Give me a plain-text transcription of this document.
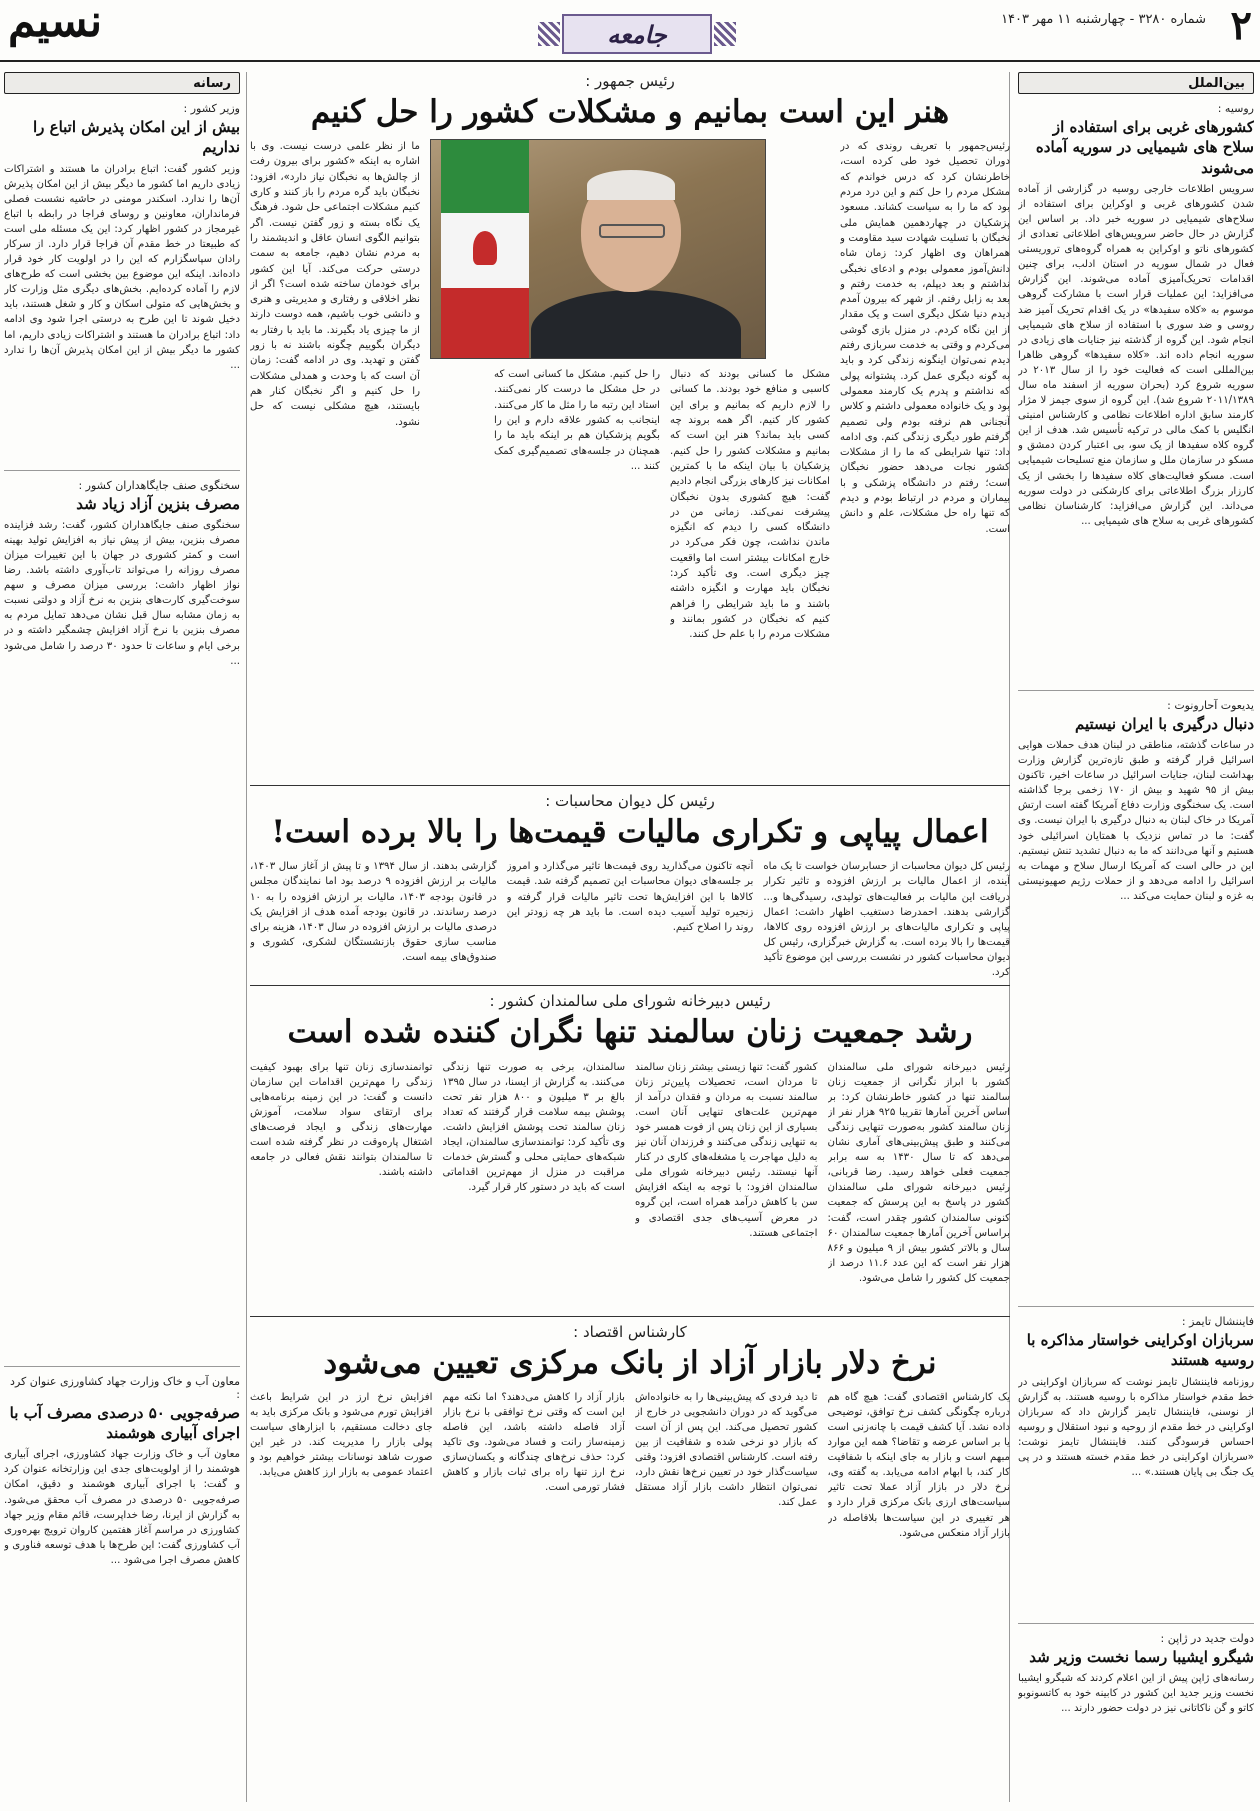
۲
شماره ۳۲۸۰ - چهارشنبه ۱۱ مهر ۱۴۰۳
جامعه
نسیم
بین‌الملل
روسیه :
کشورهای غربی برای استفاده از سلاح های شیمیایی در سوریه آماده می‌شوند
سرویس اطلاعات خارجی روسیه در گزارشی از آماده شدن کشورهای غربی و اوکراین برای استفاده از سلاح‌های شیمیایی در سوریه خبر داد. بر اساس این گزارش در حال حاضر سرویس‌های اطلاعاتی تعدادی از کشورهای ناتو و اوکراین به همراه گروه‌های تروریستی فعال در شمال سوریه در استان ادلب، برای چنین اقدامات تحریک‌آمیزی آماده می‌شوند. این گزارش می‌افزاید: این عملیات قرار است با مشارکت گروهی موسوم به «کلاه سفیدها» در یک اقدام تحریک آمیز ضد روسی و ضد سوری با استفاده از سلاح های شیمیایی انجام شود. این گروه از گذشته نیز جنایات های زیادی در سوریه انجام داده اند. «کلاه سفیدها» گروهی ظاهرا بین‌المللی است که فعالیت خود را از سال ۲۰۱۳ در سوریه شروع کرد (بحران سوریه از اسفند ماه سال ۲۰۱۱/۱۳۸۹ شروع شد). این گروه از سوی جیمز لا مژار کارمند سابق اداره اطلاعات نظامی و کارشناس امنیتی انگلیس با کمک مالی در ترکیه تأسیس شد. هدف از این گروه کلاه سفیدها از یک سو، بی اعتبار کردن دمشق و مسکو در سازمان ملل و سازمان منع تسلیحات شیمیایی است. مسکو فعالیت‌های کلاه سفیدها را بخشی از یک کارزار بزرگ اطلاعاتی برای کارشکنی در دولت سوریه می‌داند. این گزارش می‌افزاید: کارشناسان نظامی کشورهای غربی به سلاح های شیمیایی ...
یدیعوت آحارونوت :
دنبال درگیری با ایران نیستیم
در ساعات گذشته، مناطقی در لبنان هدف حملات هوایی اسرائیل قرار گرفته و طبق تازه‌ترین گزارش وزارت بهداشت لبنان، جنایات اسرائیل در ساعات اخیر، تاکنون بیش از ۹۵ شهید و بیش از ۱۷۰ زخمی برجا گذاشته است. یک سخنگوی وزارت دفاع آمریکا گفته است ارتش آمریکا در خاک لبنان به دنبال درگیری با ایران نیست. وی گفت: ما در تماس نزدیک با همتایان اسرائیلی خود هستیم و آنها می‌دانند که ما به دنبال تشدید تنش نیستیم. این در حالی است که آمریکا ارسال سلاح و مهمات به اسرائیل را ادامه می‌دهد و از حملات رژیم صهیونیستی به غزه و لبنان حمایت می‌کند ...
فایننشال تایمز :
سربازان اوکراینی خواستار مذاکره با روسیه هستند
روزنامه فایننشال تایمز نوشت که سربازان اوکراینی در خط مقدم خواستار مذاکره با روسیه هستند. به گزارش از نوسنی، فایننشال تایمز گزارش داد که سربازان اوکراینی در خط مقدم از روحیه و نبود استقلال و روسیه احساس فرسودگی کنند. فایننشال تایمز نوشت: «سربازان اوکراینی در خط مقدم خسته هستند و در پی یک جنگ بی پایان هستند.» ...
دولت جدید در ژاپن :
شیگرو ایشیبا رسما نخست وزیر شد
رسانه‌های ژاپن پیش از این اعلام کردند که شیگرو ایشیبا نخست وزیر جدید این کشور در کابینه خود به کاتسونوبو کاتو و گن ناکاتانی نیز در دولت حضور دارند ...
رئیس جمهور :
هنر این است بمانیم و مشکلات کشور را حل کنیم
رئیس‌جمهور با تعریف روندی که در دوران تحصیل خود طی کرده است، خاطرنشان کرد که درس خواندم که مشکل مردم را حل کنم و این درد مردم بود که ما را به سیاست کشاند. مسعود پزشکیان در چهاردهمین همایش ملی نخبگان با تسلیت شهادت سید مقاومت و همراهان وی اظهار کرد: زمان شاه دانش‌آموز معمولی بودم و ادعای نخبگی نداشتم و بعد دیپلم، به خدمت رفتم و بعد به زابل رفتم. از شهر که بیرون آمدم دیدم دنیا شکل دیگری است و یک مقدار از این نگاه کردم. در منزل بازی گوشی می‌کردم و وقتی به خدمت سربازی رفتم دیدم نمی‌توان اینگونه زندگی کرد و باید به گونه دیگری عمل کرد. پشتوانه پولی که نداشتم و پدرم یک کارمند معمولی بود و یک خانواده معمولی داشتم و کلاس آنجنانی هم نرفته بودم ولی تصمیم گرفتم طور دیگری زندگی کنم. وی ادامه داد: تنها شرایطی که ما را از مشکلات کشور نجات می‌دهد حضور نخبگان است؛ رفتم در دانشگاه پزشکی و با بیماران و مردم در ارتباط بودم و دیدم که تنها راه حل مشکلات، علم و دانش است.
مشکل ما کسانی بودند که دنبال کاسبی و منافع خود بودند. ما کسانی را لازم داریم که بمانیم و برای این کشور کار کنیم. اگر همه بروند چه کسی باید بماند؟ هنر این است که بمانیم و مشکلات کشور را حل کنیم. پزشکیان با بیان اینکه ما با کمترین امکانات نیز کارهای بزرگی انجام دادیم گفت: هیچ کشوری بدون نخبگان پیشرفت نمی‌کند. زمانی من در دانشگاه کسی را دیدم که انگیزه ماندن نداشت، چون فکر می‌کرد در خارج امکانات بیشتر است اما واقعیت چیز دیگری است. وی تأکید کرد: نخبگان باید مهارت و انگیزه داشته باشند و ما باید شرایطی را فراهم کنیم که نخبگان در کشور بمانند و مشکلات مردم را با علم حل کنند.
را حل کنیم. مشکل ما کسانی است که در حل مشکل ما درست کار نمی‌کنند. استاد این رتبه ما را مثل ما کار می‌کنند. اینجانب به کشور علاقه دارم و این را بگویم پزشکیان هم بر اینکه باید ما را همچنان در جلسه‌های تصمیم‌گیری کمک کنند ...
ما از نظر علمی درست نیست. وی با اشاره به اینکه «کشور برای بیرون رفت از چالش‌ها به نخبگان نیاز دارد»، افزود: نخبگان باید گره مردم را باز کنند و کاری کنیم مشکلات اجتماعی حل شود. فرهنگ یک نگاه بسته و زور گفتن نیست. اگر بتوانیم الگوی انسان عاقل و اندیشمند را به مردم نشان دهیم، جامعه به سمت درستی حرکت می‌کند. آیا این کشور برای خودمان ساخته شده است؟ اگر از نظر اخلاقی و رفتاری و مدیریتی و هنری و دانشی خوب باشیم، همه دوست دارند از ما چیزی یاد بگیرند. ما باید با رفتار به دیگران بگوییم چگونه باشند نه با زور گفتن و تهدید. وی در ادامه گفت: زمان آن است که با وحدت و همدلی مشکلات را حل کنیم و اگر نخبگان کنار هم بایستند، هیچ مشکلی نیست که حل نشود.
رئیس کل دیوان محاسبات :
اعمال پیاپی و تکراری مالیات قیمت‌ها را بالا برده است!
رئیس کل دیوان محاسبات از حسابرسان خواست تا یک ماه آینده، از اعمال مالیات بر ارزش افزوده و تاثیر تکرار دریافت این مالیات بر فعالیت‌های تولیدی، رسیدگی‌ها و... گزارشی بدهند. احمدرضا دستغیب اظهار داشت: اعمال پیاپی و تکراری مالیات‌های بر ارزش افزوده روی کالاها، قیمت‌ها را بالا برده است. به گزارش خبرگزاری، رئیس کل دیوان محاسبات کشور در نشست بررسی این موضوع تأکید کرد.
آنچه تاکنون می‌گذارید روی قیمت‌ها تاثیر می‌گذارد و امروز بر جلسه‌های دیوان محاسبات این تصمیم گرفته شد. قیمت کالا‌ها با این افزایش‌ها تحت تاثیر مالیات قرار گرفته و زنجیره تولید آسیب دیده است. ما باید هر چه زودتر این روند را اصلاح کنیم.
گزارشی بدهند. از سال ۱۳۹۴ و تا پیش از آغاز سال ۱۴۰۳، مالیات بر ارزش افزوده ۹ درصد بود اما نمایندگان مجلس در قانون بودجه ۱۴۰۳، مالیات بر ارزش افزوده را به ۱۰ درصد رساندند. در قانون بودجه آمده هدف از افزایش یک درصدی مالیات بر ارزش افزوده در سال ۱۴۰۳، هزینه برای مناسب سازی حقوق بازنشستگان لشکری، کشوری و صندوق‌های بیمه است.
رئیس دبیرخانه شورای ملی سالمندان کشور :
رشد جمعیت زنان سالمند تنها نگران کننده شده است
رئیس دبیرخانه شورای ملی سالمندان کشور با ابراز نگرانی از جمعیت زنان سالمند تنها در کشور خاطرنشان کرد: بر اساس آخرین آمارها تقریبا ۹۲۵ هزار نفر از زنان سالمند کشور به‌صورت تنهایی زندگی می‌کنند و طبق پیش‌بینی‌های آماری نشان می‌دهد که تا سال ۱۴۳۰ به سه برابر جمعیت فعلی خواهد رسید. رضا قربانی، رئیس دبیرخانه شورای ملی سالمندان کشور در پاسخ به این پرسش که جمعیت کنونی سالمندان کشور چقدر است، گفت: براساس آخرین آمارها جمعیت سالمندان ۶۰ سال و بالاتر کشور بیش از ۹ میلیون و ۸۶۶ هزار نفر است که این عدد ۱۱.۶ درصد از جمعیت کل کشور را شامل می‌شود.
کشور گفت: تنها زیستی بیشتر زنان سالمند تا مردان است، تحصیلات پایین‌تر زنان سالمند نسبت به مردان و فقدان درآمد از مهم‌ترین علت‌های تنهایی آنان است. بسیاری از این زنان پس از فوت همسر خود به تنهایی زندگی می‌کنند و فرزندان آنان نیز به دلیل مهاجرت یا مشغله‌های کاری در کنار آنها نیستند. رئیس دبیرخانه شورای ملی سالمندان افزود: با توجه به اینکه افزایش سن با کاهش درآمد همراه است، این گروه در معرض آسیب‌های جدی اقتصادی و اجتماعی هستند.
سالمندان، برخی به صورت تنها زندگی می‌کنند. به گزارش از ایسنا، در سال ۱۳۹۵ بالغ بر ۳ میلیون و ۸۰۰ هزار نفر تحت پوشش بیمه سلامت قرار گرفتند که تعداد زنان سالمند تحت پوشش افزایش داشت. وی تأکید کرد: توانمندسازی سالمندان، ایجاد شبکه‌های حمایتی محلی و گسترش خدمات مراقبت در منزل از مهم‌ترین اقداماتی است که باید در دستور کار قرار گیرد.
توانمندسازی زنان تنها برای بهبود کیفیت زندگی را مهم‌ترین اقدامات این سازمان دانست و گفت: در این زمینه برنامه‌هایی برای ارتقای سواد سلامت، آموزش مهارت‌های زندگی و ایجاد فرصت‌های اشتغال پاره‌وقت در نظر گرفته شده است تا سالمندان بتوانند نقش فعالی در جامعه داشته باشند.
کارشناس اقتصاد :
نرخ دلار بازار آزاد از بانک مرکزی تعیین می‌شود
یک کارشناس اقتصادی گفت: هیچ گاه هم درباره چگونگی کشف نرخ توافق، توضیحی داده نشد. آیا کشف قیمت با چانه‌زنی است یا بر اساس عرضه و تقاضا؟ همه این موارد مبهم است و بازار به جای اینکه با شفافیت کار کند، با ابهام ادامه می‌یابد. به گفته وی، نرخ دلار در بازار آزاد عملا تحت تاثیر سیاست‌های ارزی بانک مرکزی قرار دارد و هر تغییری در این سیاست‌ها بلافاصله در بازار آزاد منعکس می‌شود.
تا دید فردی که پیش‌بینی‌ها را به خانواده‌اش می‌گوید که در دوران دانشجویی در خارج از کشور تحصیل می‌کند. این پس از آن است که بازار دو نرخی شده و شفافیت از بین رفته است. کارشناس اقتصادی افزود: وقتی سیاست‌گذار خود در تعیین نرخ‌ها نقش دارد، نمی‌توان انتظار داشت بازار آزاد مستقل عمل کند.
بازار آزاد را کاهش می‌دهند؟ اما نکته مهم این است که وقتی نرخ توافقی با نرخ بازار آزاد فاصله داشته باشد، این فاصله زمینه‌ساز رانت و فساد می‌شود. وی تاکید کرد: حذف نرخ‌های چندگانه و یکسان‌سازی نرخ ارز تنها راه برای ثبات بازار و کاهش فشار تورمی است.
افزایش نرخ ارز در این شرایط باعث افزایش تورم می‌شود و بانک مرکزی باید به جای دخالت مستقیم، با ابزارهای سیاست پولی بازار را مدیریت کند. در غیر این صورت شاهد نوسانات بیشتر خواهیم بود و اعتماد عمومی به بازار ارز کاهش می‌یابد.
رسانه
وزیر کشور :
بیش از این امکان پذیرش اتباع را نداریم
وزیر کشور گفت: اتباع برادران ما هستند و اشتراکات زیادی داریم اما کشور ما دیگر بیش از این امکان پذیرش آن‌ها را ندارد. اسکندر مومنی در حاشیه نشست فصلی فرمانداران، معاونین و روسای فراجا در رابطه با اتباع غیرمجاز در کشور اظهار کرد: این یک مسئله ملی است که طبیعتا در خط مقدم آن فراجا قرار دارد. از سرکار رادان سپاسگزارم که این را در اولویت کار خود قرار داده‌اند. اینکه این موضوع بین بخشی است که طرح‌های لازم را آماده کرده‌ایم. بخش‌های دیگری مثل وزارت کار و بخش‌هایی که متولی اسکان و کار و شغل هستند، باید دخیل شوند تا این طرح به درستی اجرا شود وی ادامه داد: اتباع برادران ما هستند و اشتراکات زیادی داریم، اما کشور ما دیگر بیش از این امکان پذیرش آن‌ها را ندارد ...
سخنگوی صنف جایگاهداران کشور :
مصرف بنزین آزاد زیاد شد
سخنگوی صنف جایگاهداران کشور، گفت: رشد فزاینده مصرف بنزین، بیش از پیش نیاز به افزایش تولید بهینه است و کمتر کشوری در جهان با این تغییرات میزان مصرف روزانه را می‌تواند تاب‌آوری داشته باشد. رضا نواز اظهار داشت: بررسی میزان مصرف و سهم سوخت‌گیری کارت‌های بنزین به نرخ آزاد و دولتی نسبت به زمان مشابه سال قبل نشان می‌دهد تمایل مردم به مصرف بنزین با نرخ آزاد افزایش چشمگیر داشته و در برخی ایام و ساعات تا حدود ۳۰ درصد را شامل می‌شود ...
معاون آب و خاک وزارت جهاد کشاورزی عنوان کرد :
صرفه‌جویی ۵۰ درصدی مصرف آب با اجرای آبیاری هوشمند
معاون آب و خاک وزارت جهاد کشاورزی، اجرای آبیاری هوشمند را از اولویت‌های جدی این وزارتخانه عنوان کرد و گفت: با اجرای آبیاری هوشمند و دقیق، امکان صرفه‌جویی ۵۰ درصدی در مصرف آب محقق می‌شود. به گزارش از ایرنا، رضا خداپرست، قائم مقام وزیر جهاد کشاورزی در مراسم آغاز هفتمین کاروان ترویج بهره‌وری آب کشاورزی گفت: این طرح‌ها با هدف توسعه فناوری و کاهش مصرف اجرا می‌شود ...
